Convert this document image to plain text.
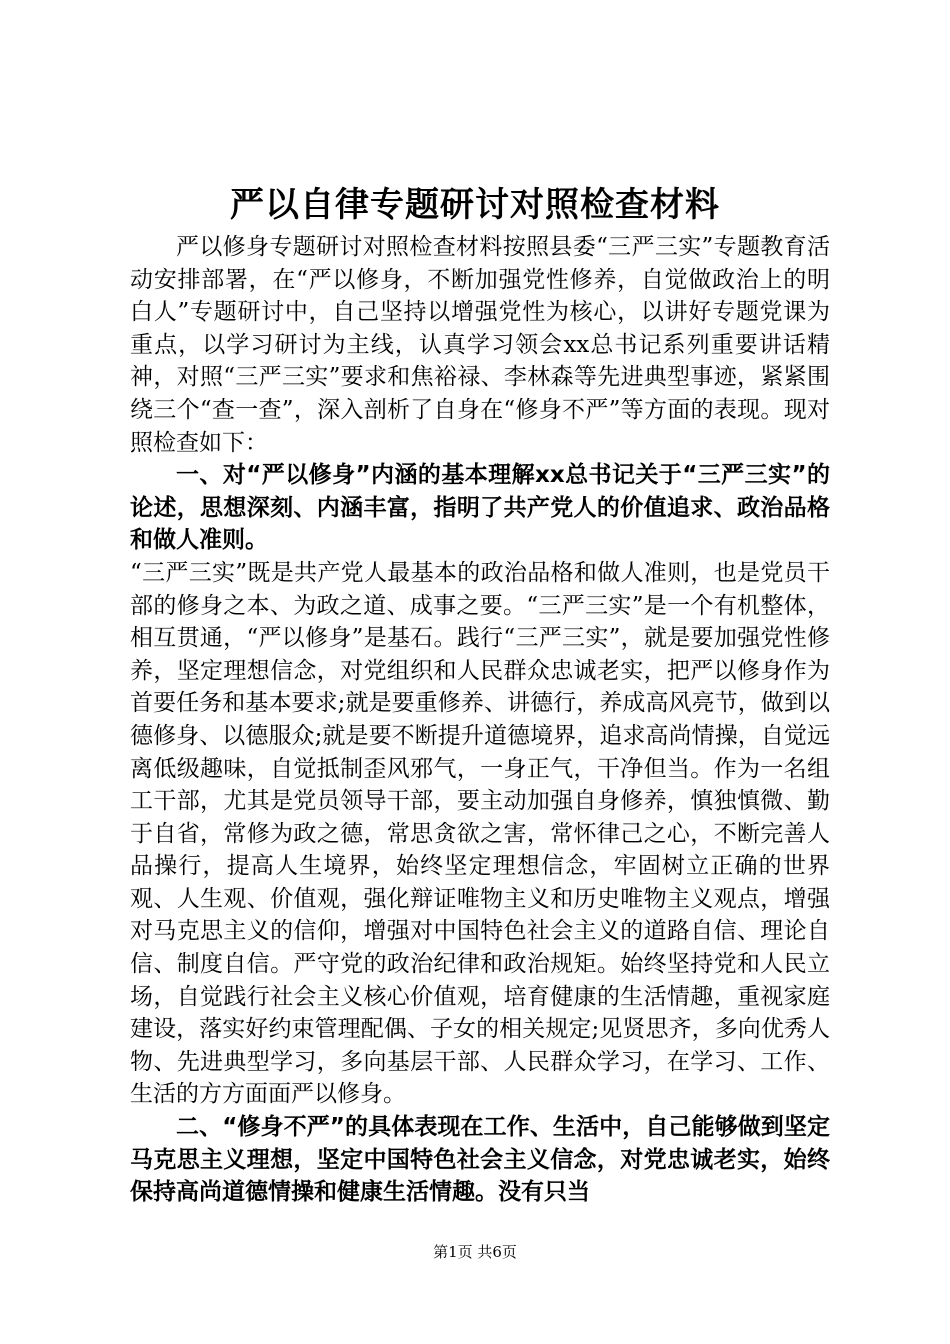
严以自律专题研讨对照检查材料

严以修身专题研讨对照检查材料按照县委“三严三实”专题教育活动安排部署，在“严以修身，不断加强党性修养，自觉做政治上的明白人”专题研讨中，自己坚持以增强党性为核心，以讲好专题党课为重点，以学习研讨为主线，认真学习领会xx总书记系列重要讲话精神，对照“三严三实”要求和焦裕禄、李林森等先进典型事迹，紧紧围绕三个“查一查”，深入剖析了自身在“修身不严”等方面的表现。现对照检查如下：

一、对“严以修身”内涵的基本理解xx总书记关于“三严三实”的论述，思想深刻、内涵丰富，指明了共产党人的价值追求、政治品格和做人准则。

“三严三实”既是共产党人最基本的政治品格和做人准则，也是党员干部的修身之本、为政之道、成事之要。“三严三实”是一个有机整体，相互贯通，“严以修身”是基石。践行“三严三实”，就是要加强党性修养，坚定理想信念，对党组织和人民群众忠诚老实，把严以修身作为首要任务和基本要求;就是要重修养、讲德行，养成高风亮节，做到以德修身、以德服众;就是要不断提升道德境界，追求高尚情操，自觉远离低级趣味，自觉抵制歪风邪气，一身正气，干净但当。作为一名组工干部，尤其是党员领导干部，要主动加强自身修养，慎独慎微、勤于自省，常修为政之德，常思贪欲之害，常怀律己之心，不断完善人品操行，提高人生境界，始终坚定理想信念，牢固树立正确的世界观、人生观、价值观，强化辩证唯物主义和历史唯物主义观点，增强对马克思主义的信仰，增强对中国特色社会主义的道路自信、理论自信、制度自信。严守党的政治纪律和政治规矩。始终坚持党和人民立场，自觉践行社会主义核心价值观，培育健康的生活情趣，重视家庭建设，落实好约束管理配偶、子女的相关规定;见贤思齐，多向优秀人物、先进典型学习，多向基层干部、人民群众学习，在学习、工作、生活的方方面面严以修身。

二、“修身不严”的具体表现在工作、生活中，自己能够做到坚定马克思主义理想，坚定中国特色社会主义信念，对党忠诚老实，始终保持高尚道德情操和健康生活情趣。没有只当

第1页 共6页
